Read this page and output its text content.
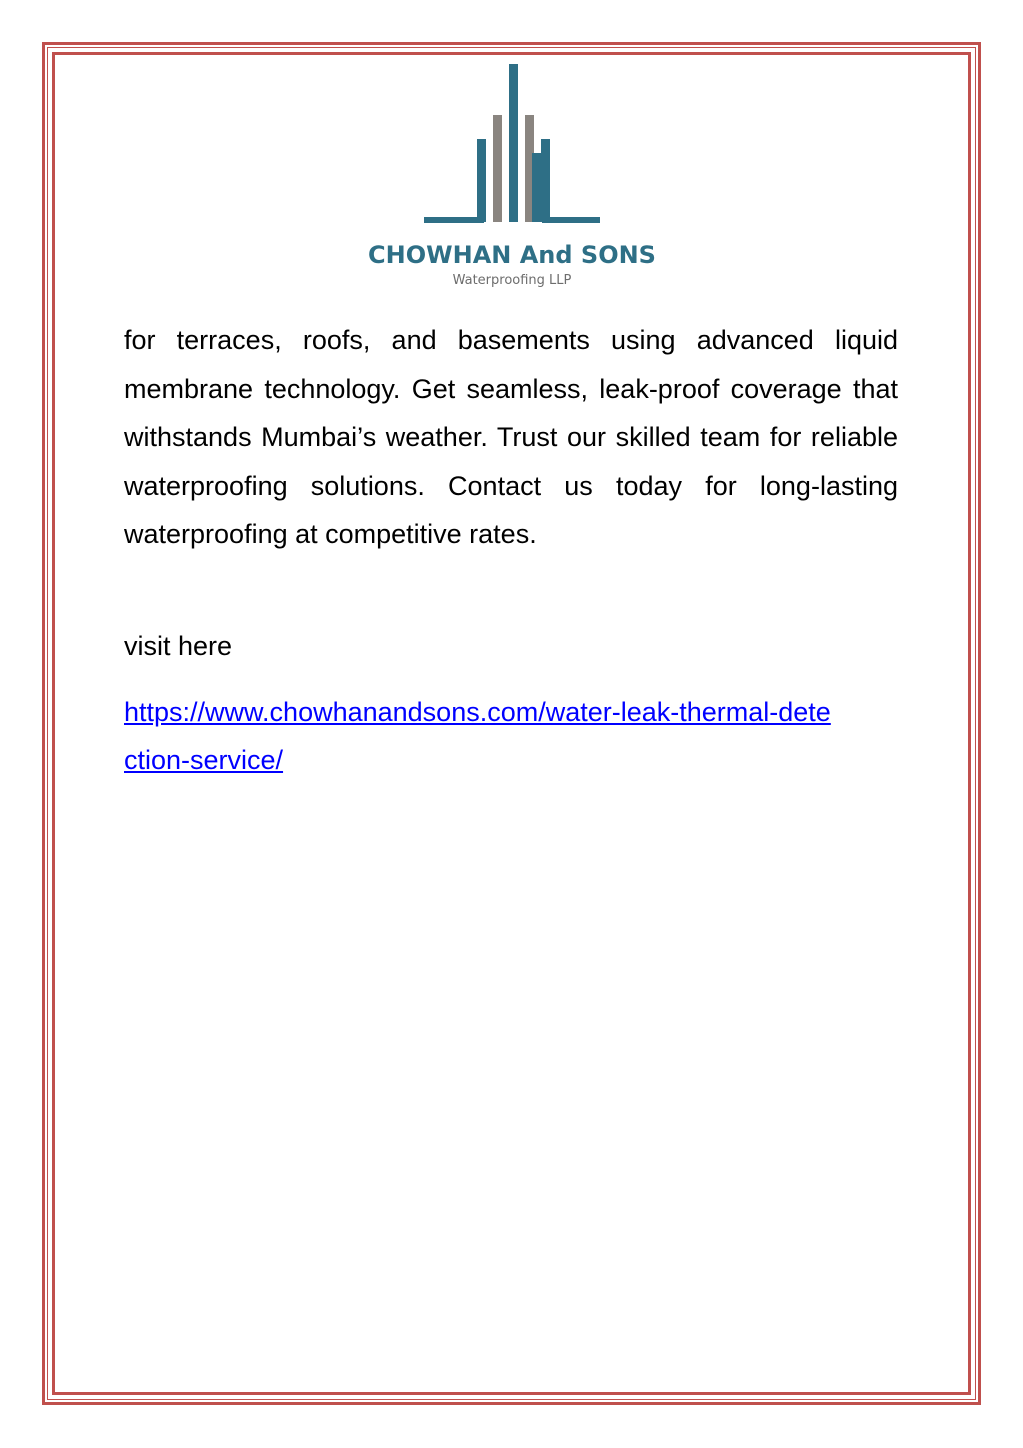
CHOWHAN And SONS
Waterproofing LLP

for terraces, roofs, and basements using advanced liquid membrane technology. Get seamless, leak-proof coverage that withstands Mumbai’s weather. Trust our skilled team for reliable waterproofing solutions. Contact us today for long-lasting waterproofing at competitive rates.

visit here

https://www.chowhanandsons.com/water-leak-thermal-detection-service/
